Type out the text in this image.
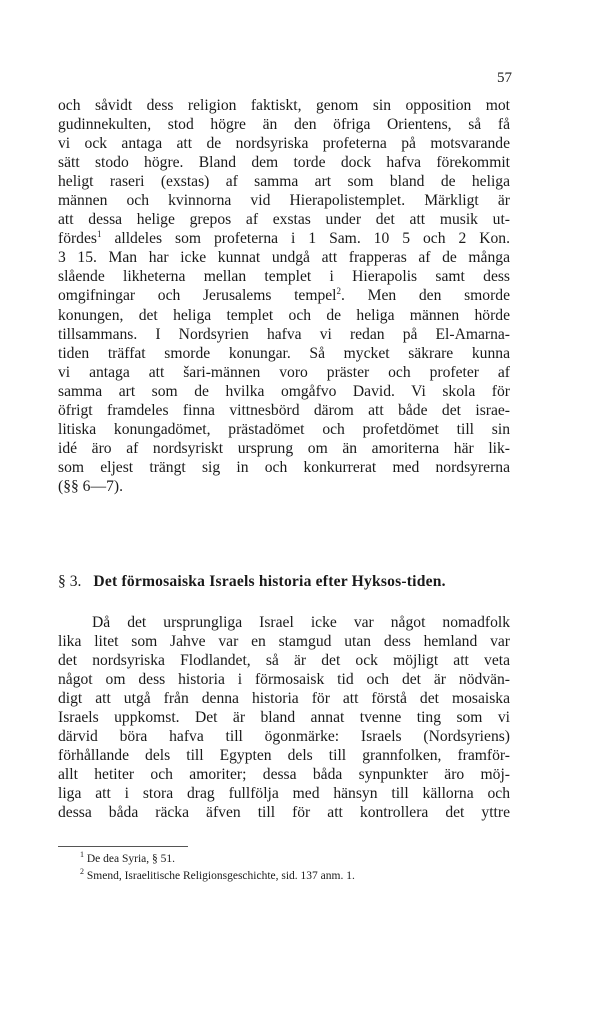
57
och såvidt dess religion faktiskt, genom sin opposition mot
gudinnekulten, stod högre än den öfriga Orientens, så få
vi ock antaga att de nordsyriska profeterna på motsvarande
sätt stodo högre. Bland dem torde dock hafva förekommit
heligt raseri (exstas) af samma art som bland de heliga
männen och kvinnorna vid Hierapolistemplet. Märkligt är
att dessa helige grepos af exstas under det att musik ut-
fördes$^1$ alldeles som profeterna i 1 Sam. 10 5 och 2 Kon.
3 15. Man har icke kunnat undgå att frapperas af de många
slående likheterna mellan templet i Hierapolis samt dess
omgifningar och Jerusalems tempel$^2$. Men den smorde
konungen, det heliga templet och de heliga männen hörde
tillsammans. I Nordsyrien hafva vi redan på El-Amarna-
tiden träffat smorde konungar. Så mycket säkrare kunna
vi antaga att šari-männen voro präster och profeter af
samma art som de hvilka omgåfvo David. Vi skola för
öfrigt framdeles finna vittnesbörd därom att både det israe-
litiska konungadömet, prästadömet och profetdömet till sin
idé äro af nordsyriskt ursprung om än amoriterna här lik-
som eljest trängt sig in och konkurrerat med nordsyrerna
(§§ 6—7).
§ 3. Det förmosaiska Israels historia efter Hyksos-tiden.
Då det ursprungliga Israel icke var något nomadfolk
lika litet som Jahve var en stamgud utan dess hemland var
det nordsyriska Flodlandet, så är det ock möjligt att veta
något om dess historia i förmosaisk tid och det är nödvän-
digt att utgå från denna historia för att förstå det mosaiska
Israels uppkomst. Det är bland annat tvenne ting som vi
därvid böra hafva till ögonmärke: Israels (Nordsyriens)
förhållande dels till Egypten dels till grannfolken, framför-
allt hetiter och amoriter; dessa båda synpunkter äro möj-
liga att i stora drag fullfölja med hänsyn till källorna och
dessa båda räcka äfven till för att kontrollera det yttre
$^1$ De dea Syria, § 51.
$^2$ Smend, Israelitische Religionsgeschichte, sid. 137 anm. 1.
